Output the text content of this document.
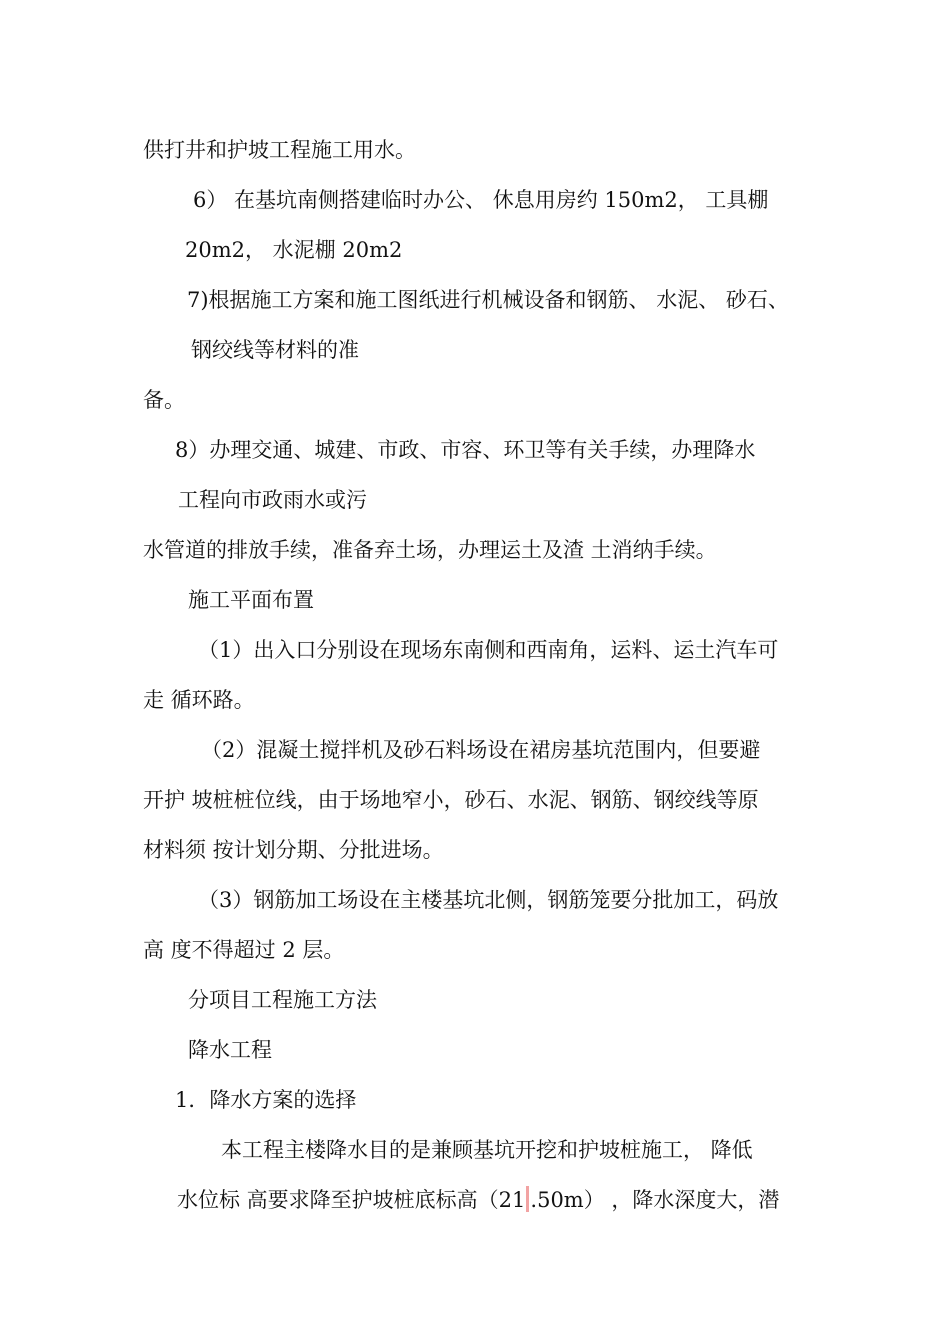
供打井和护坡工程施工用水。
6） 在基坑南侧搭建临时办公、 休息用房约 150m2， 工具棚
20m2， 水泥棚 20m2
7)根据施工方案和施工图纸进行机械设备和钢筋、 水泥、 砂石、
钢绞线等材料的准
备。
8）办理交通、城建、市政、市容、环卫等有关手续，办理降水
工程向市政雨水或污
水管道的排放手续，准备弃土场，办理运土及渣 土消纳手续。
施工平面布置
（1）出入口分别设在现场东南侧和西南角，运料、运土汽车可
走 循环路。
（2）混凝土搅拌机及砂石料场设在裙房基坑范围内，但要避
开护 坡桩桩位线，由于场地窄小，砂石、水泥、钢筋、钢绞线等原
材料须 按计划分期、分批进场。
（3）钢筋加工场设在主楼基坑北侧，钢筋笼要分批加工，码放
高 度不得超过 2 层。
分项目工程施工方法
降水工程
1．降水方案的选择
本工程主楼降水目的是兼顾基坑开挖和护坡桩施工， 降低
水位标 高要求降至护坡桩底标高（21 .50m） ，降水深度大，潜
